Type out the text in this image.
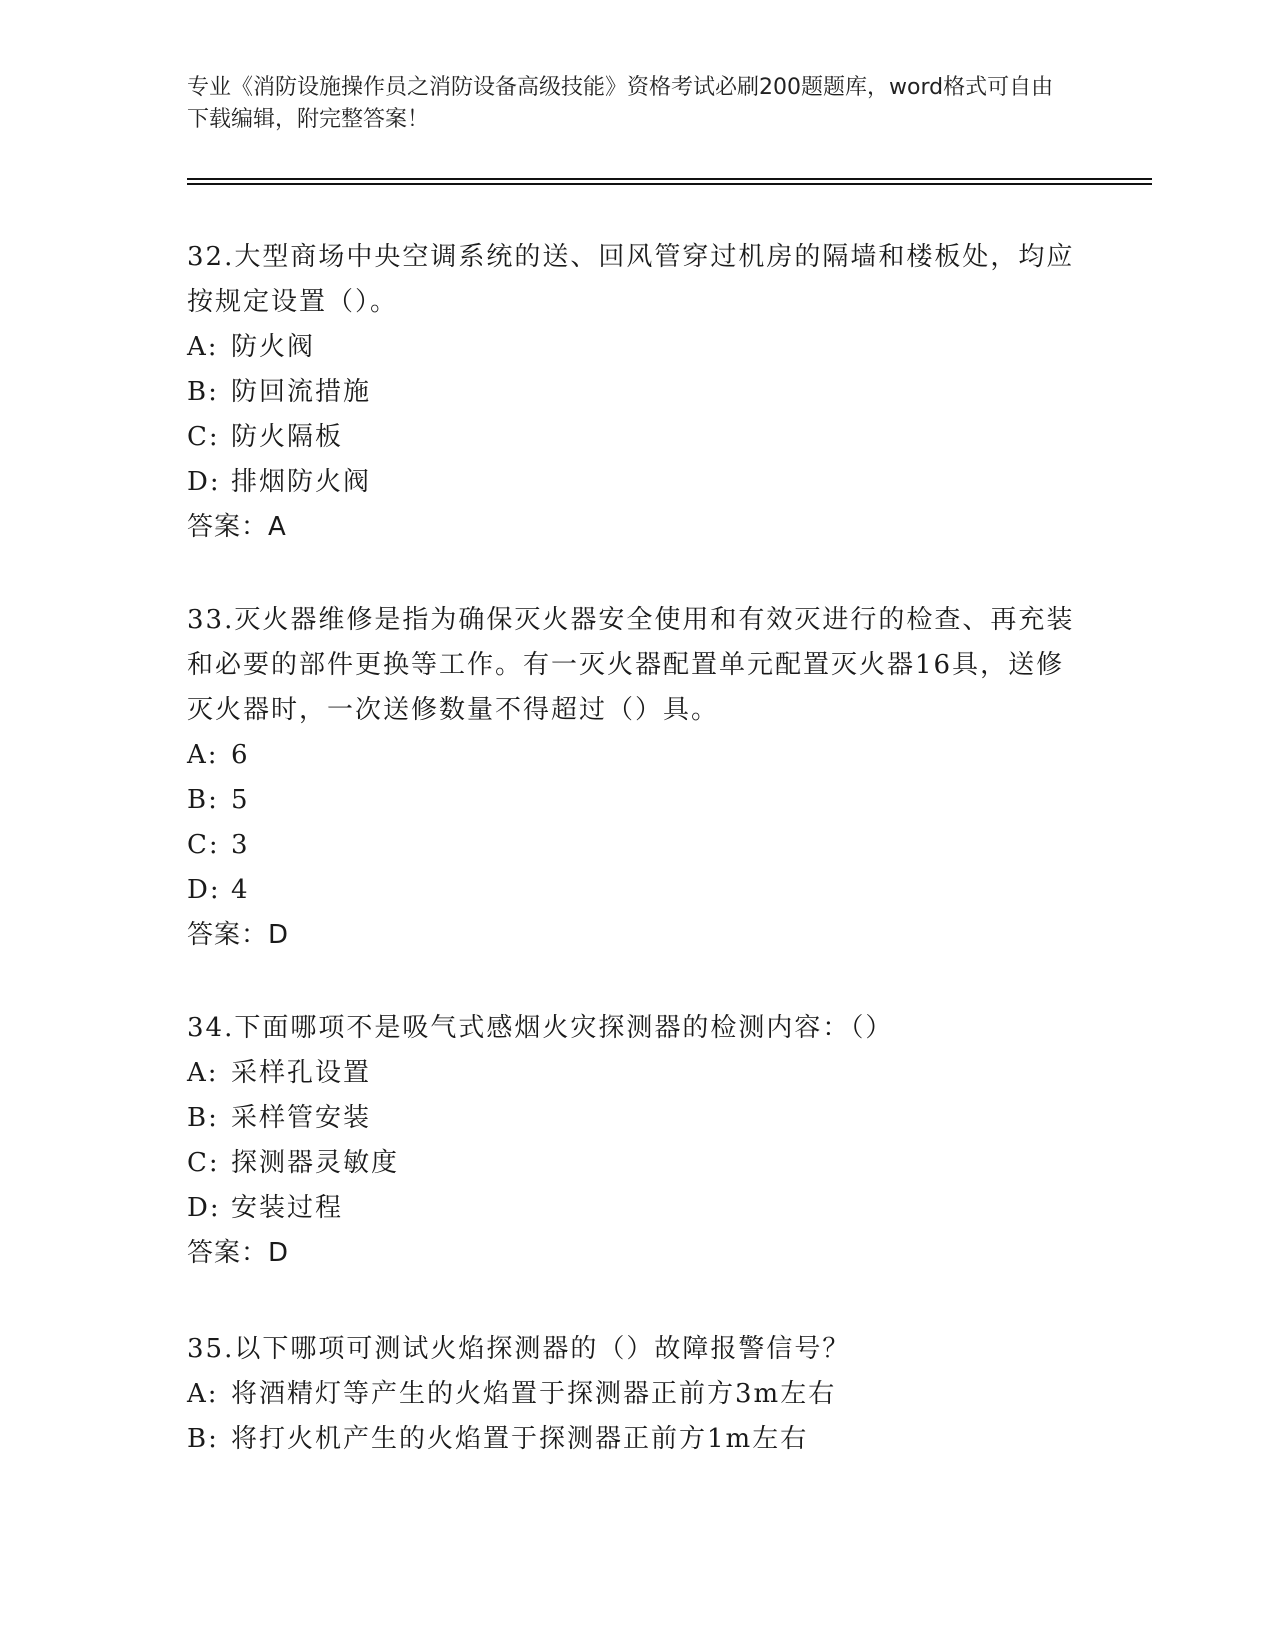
专业《消防设施操作员之消防设备高级技能》资格考试必刷200题题库，word格式可自由下载编辑，附完整答案！

32.大型商场中央空调系统的送、回风管穿过机房的隔墙和楼板处，均应按规定设置（）。

A: 防火阀

B: 防回流措施

C: 防火隔板

D: 排烟防火阀

答案：A

33.灭火器维修是指为确保灭火器安全使用和有效灭进行的检查、再充装和必要的部件更换等工作。有一灭火器配置单元配置灭火器16具，送修灭火器时，一次送修数量不得超过（）具。

A: 6

B: 5

C: 3

D: 4

答案：D

34.下面哪项不是吸气式感烟火灾探测器的检测内容：（）

A: 采样孔设置

B: 采样管安装

C: 探测器灵敏度

D: 安装过程

答案：D

35.以下哪项可测试火焰探测器的（）故障报警信号？

A: 将酒精灯等产生的火焰置于探测器正前方3m左右

B: 将打火机产生的火焰置于探测器正前方1m左右
